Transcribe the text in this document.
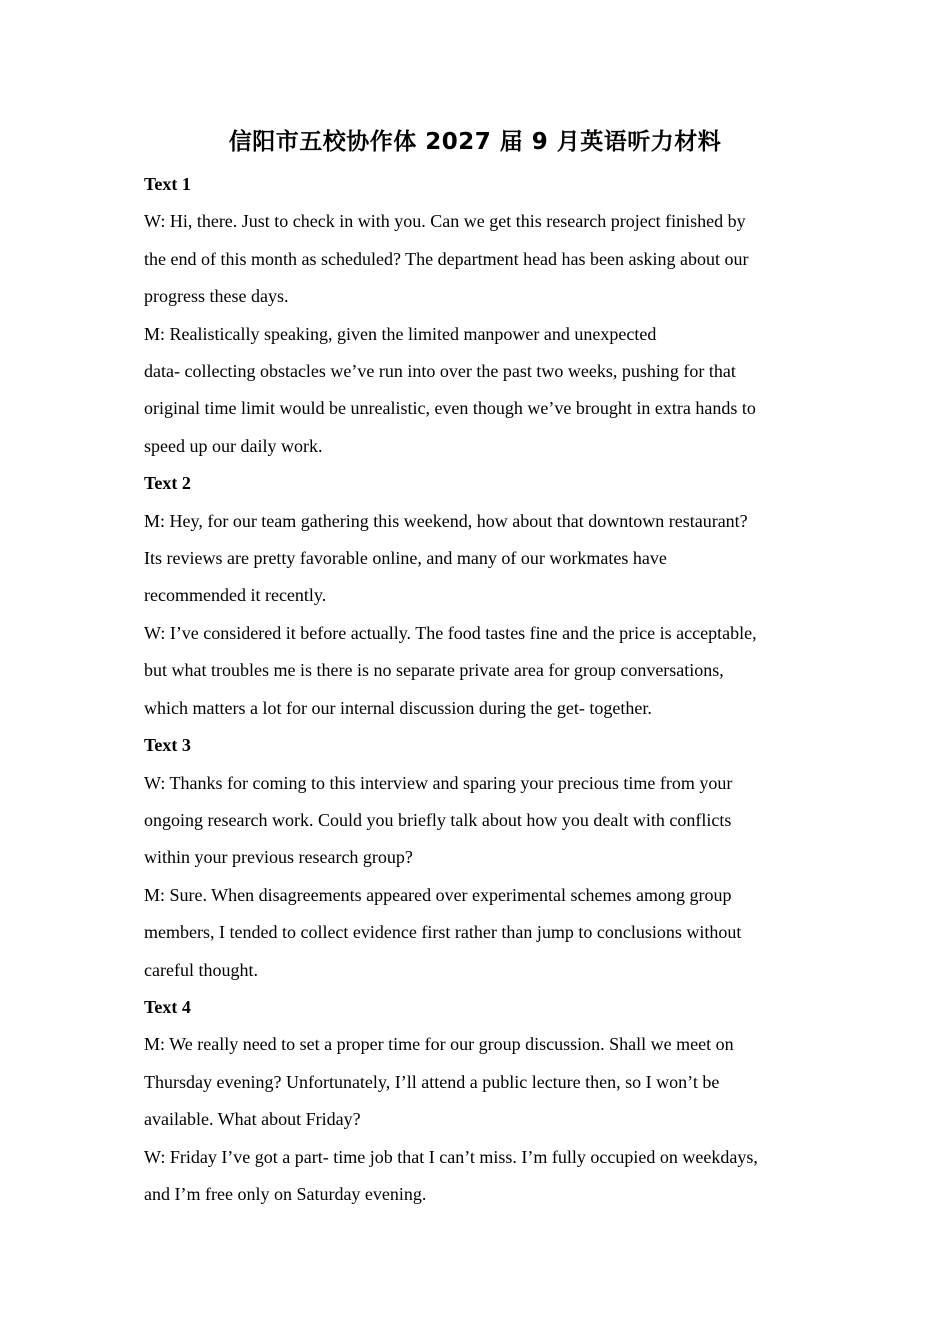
信阳市五校协作体 2027 届 9 月英语听力材料
Text 1
W: Hi, there. Just to check in with you. Can we get this research project finished by
the end of this month as scheduled? The department head has been asking about our
progress these days.
M: Realistically speaking, given the limited manpower and unexpected
data- collecting obstacles we’ve run into over the past two weeks, pushing for that
original time limit would be unrealistic, even though we’ve brought in extra hands to
speed up our daily work.
Text 2
M: Hey, for our team gathering this weekend, how about that downtown restaurant?
Its reviews are pretty favorable online, and many of our workmates have
recommended it recently.
W: I’ve considered it before actually. The food tastes fine and the price is acceptable,
but what troubles me is there is no separate private area for group conversations,
which matters a lot for our internal discussion during the get- together.
Text 3
W: Thanks for coming to this interview and sparing your precious time from your
ongoing research work. Could you briefly talk about how you dealt with conflicts
within your previous research group?
M: Sure. When disagreements appeared over experimental schemes among group
members, I tended to collect evidence first rather than jump to conclusions without
careful thought.
Text 4
M: We really need to set a proper time for our group discussion. Shall we meet on
Thursday evening? Unfortunately, I’ll attend a public lecture then, so I won’t be
available. What about Friday?
W: Friday I’ve got a part- time job that I can’t miss. I’m fully occupied on weekdays,
and I’m free only on Saturday evening.
